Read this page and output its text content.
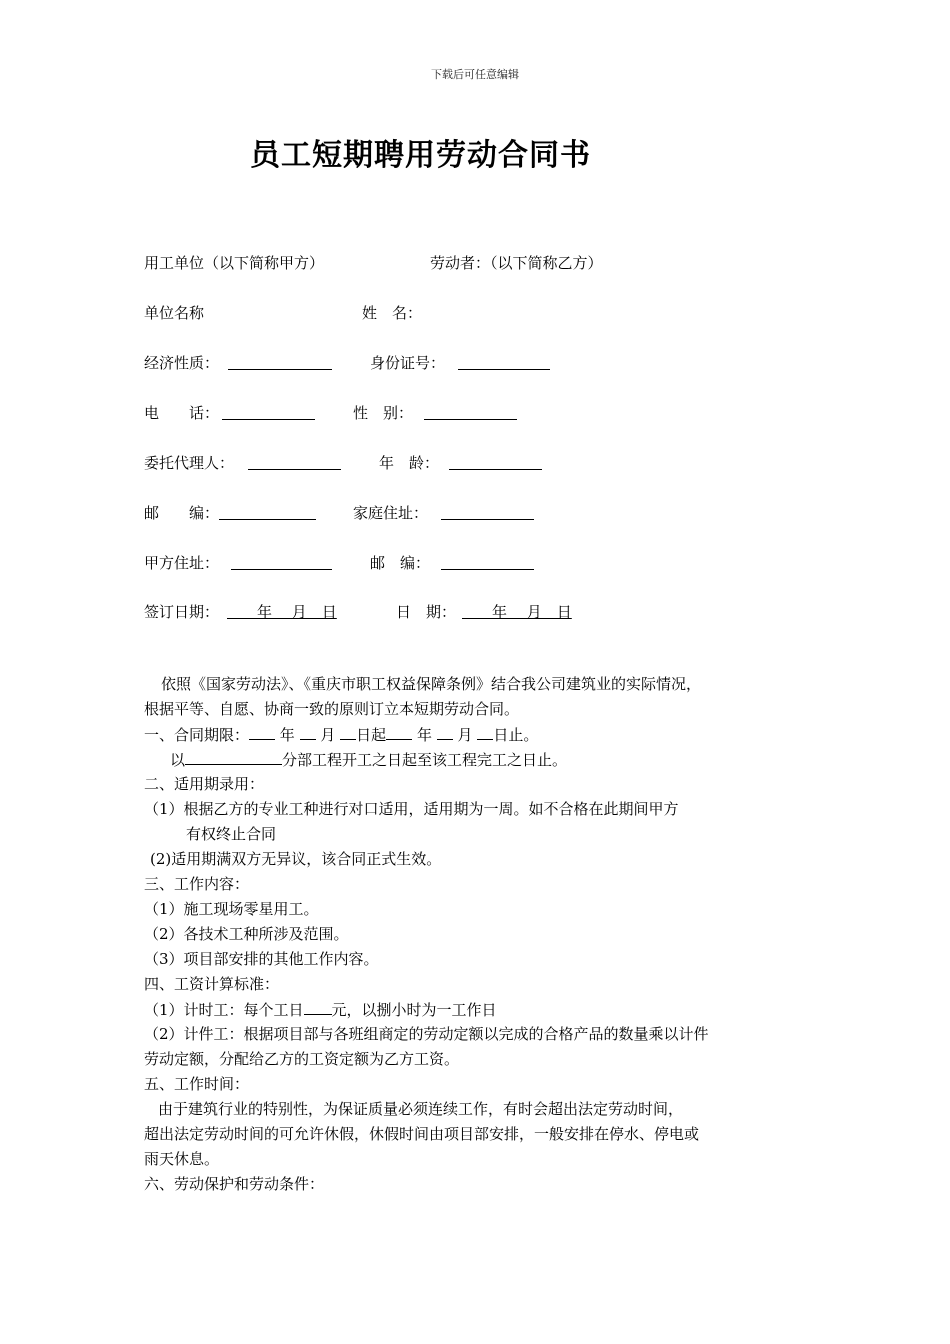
下载后可任意编辑
员工短期聘用劳动合同书
用工单位（以下简称甲方）	劳动者：（以下简称乙方）
单位名称	姓　名：
经济性质：	身份证号：
电　　话：	性　别：
委托代理人：	年　龄：
邮　　编：	家庭住址：
甲方住址：	邮　编：
签订日期： 　　年　 月　日	日　期： 　　年　 月　日
依照《国家劳动法》、《重庆市职工权益保障条例》结合我公司建筑业的实际情况，
根据平等、自愿、协商一致的原则订立本短期劳动合同。
一、合同期限： 年 月 日起 年 月 日止。
以	分部工程开工之日起至该工程完工之日止。
二、适用期录用：
（1）根据乙方的专业工种进行对口适用，适用期为一周。如不合格在此期间甲方
有权终止合同
(2)适用期满双方无异议，该合同正式生效。
三、工作内容：
（1）施工现场零星用工。
（2）各技术工种所涉及范围。
（3）项目部安排的其他工作内容。
四、工资计算标准：
（1）计时工：每个工日 元，以捌小时为一工作日
（2）计件工：根据项目部与各班组商定的劳动定额以完成的合格产品的数量乘以计件
劳动定额，分配给乙方的工资定额为乙方工资。
五、工作时间：
由于建筑行业的特别性，为保证质量必须连续工作，有时会超出法定劳动时间，
超出法定劳动时间的可允许休假，休假时间由项目部安排，一般安排在停水、停电或
雨天休息。
六、劳动保护和劳动条件：
